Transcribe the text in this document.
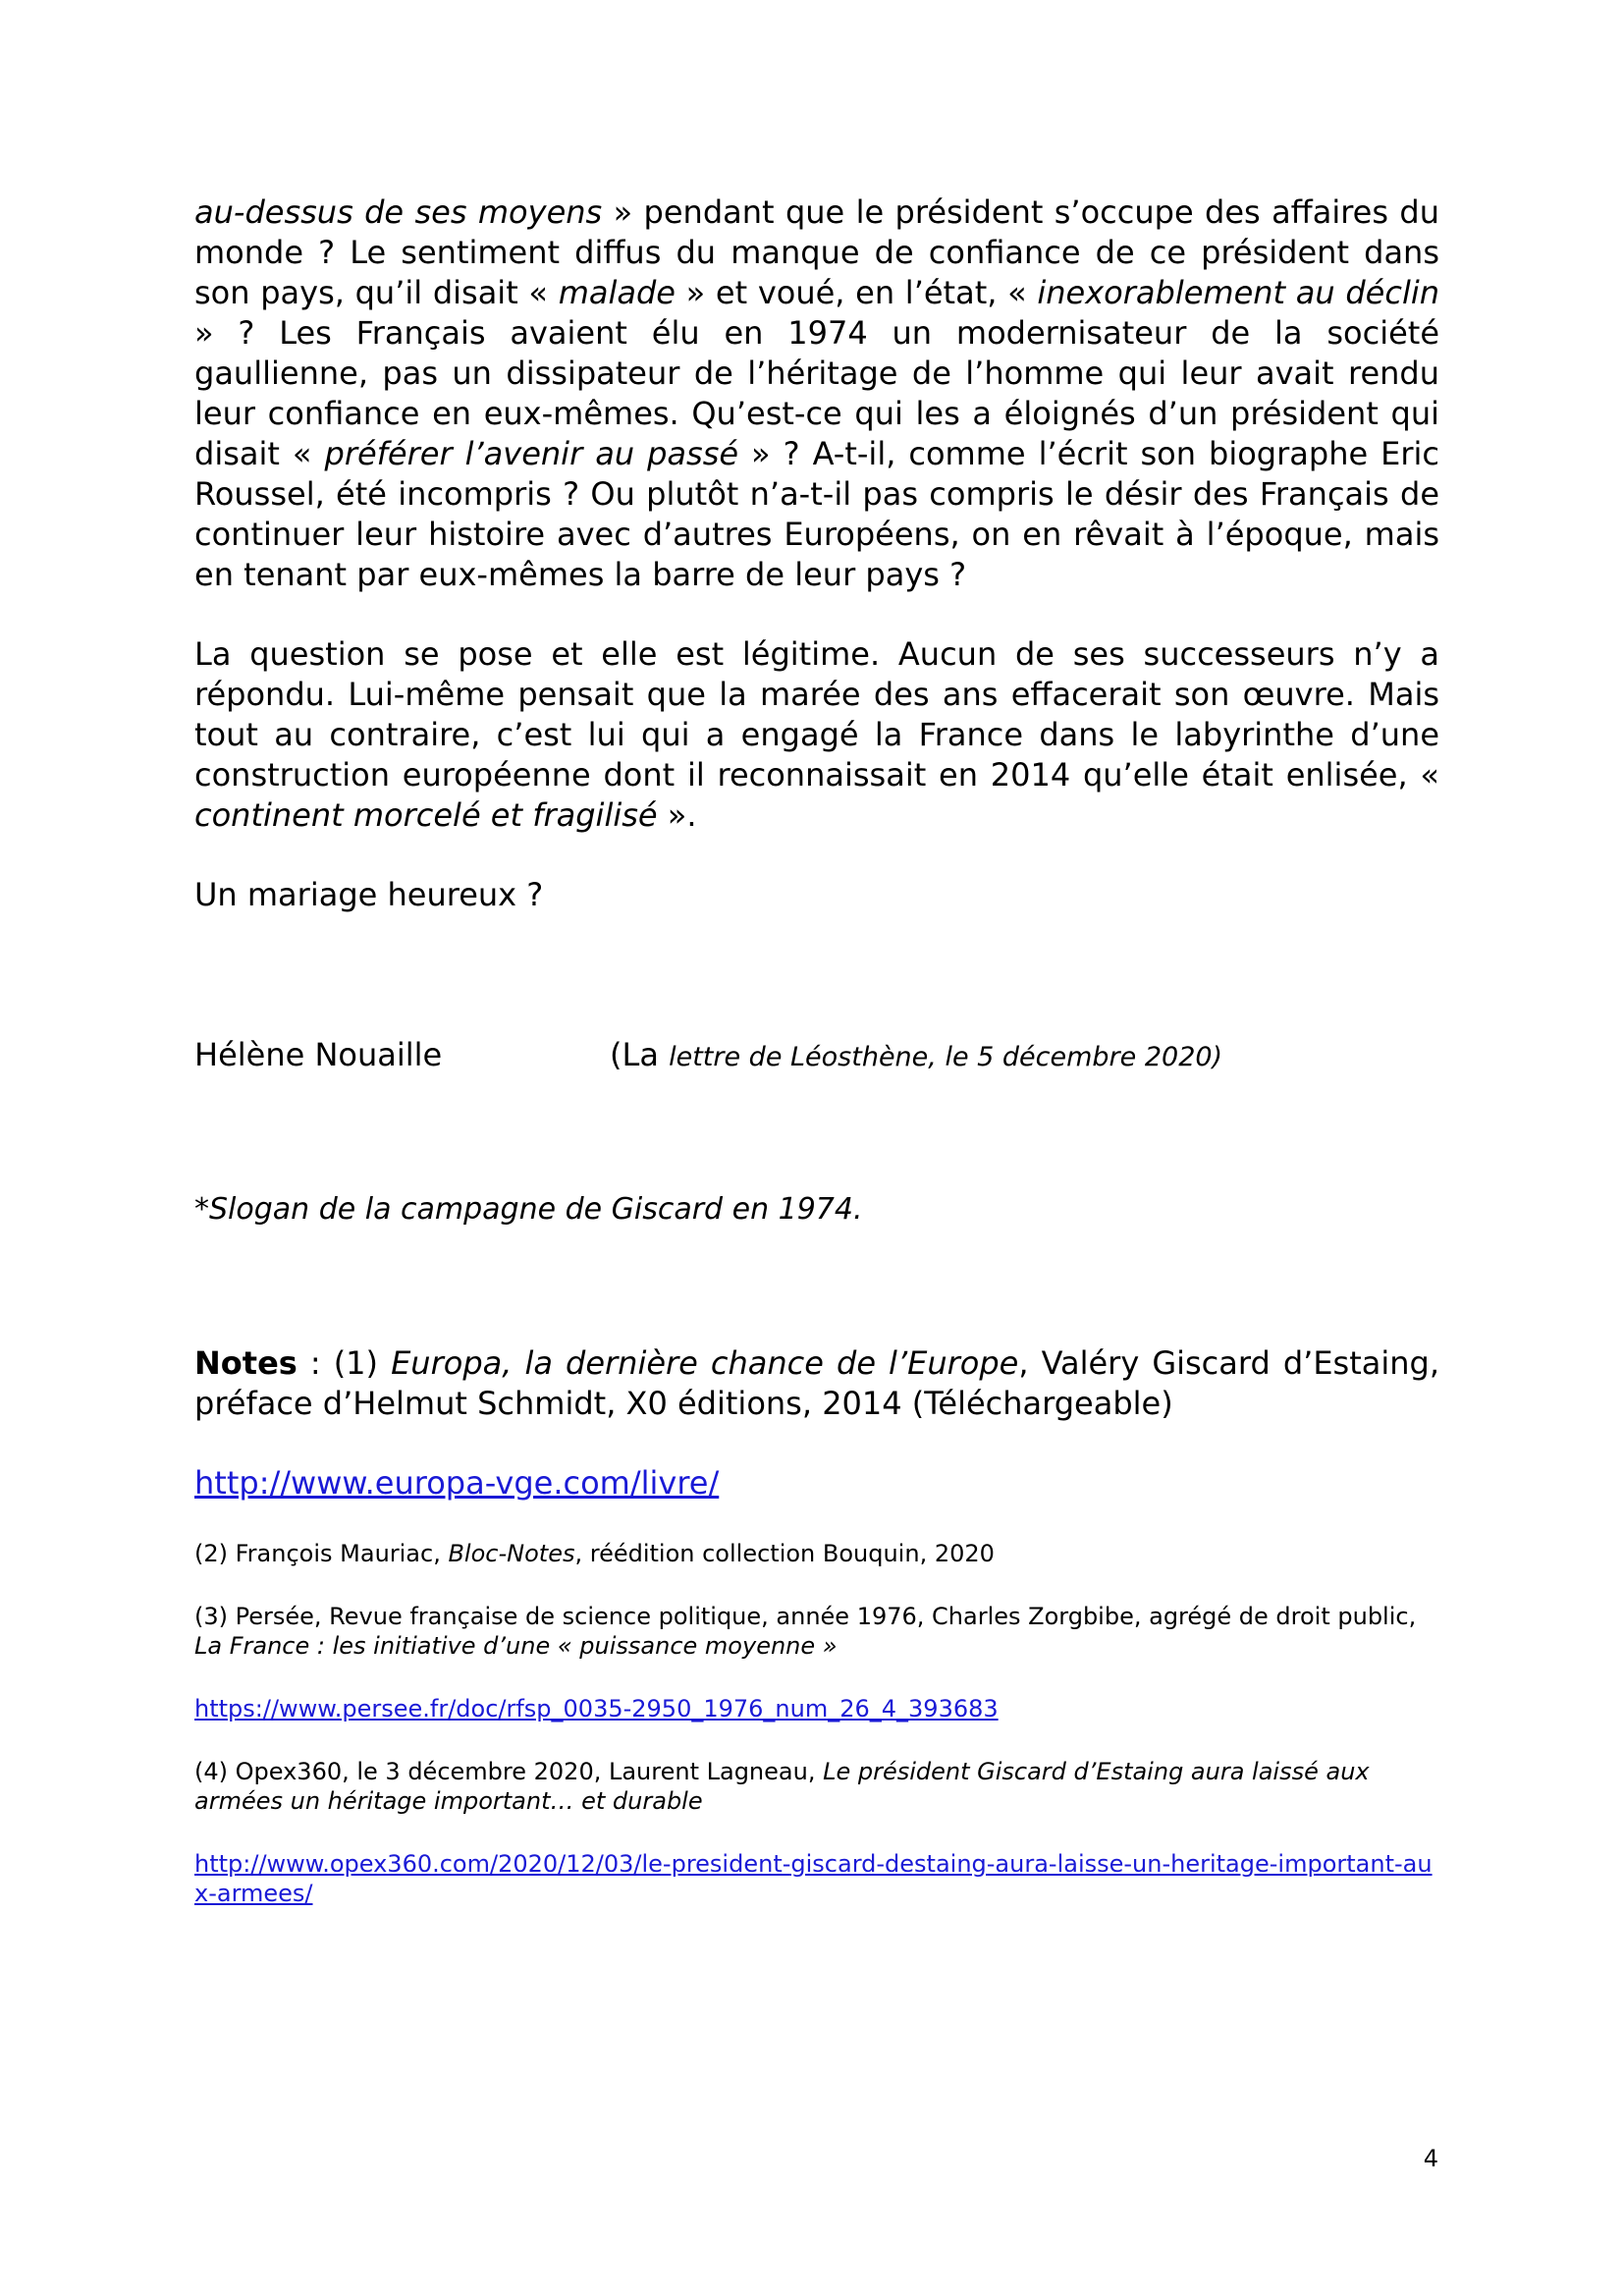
au-dessus de ses moyens » pendant que le président s’occupe des affaires du monde ? Le sentiment diffus du manque de confiance de ce président dans son pays, qu’il disait « malade » et voué, en l’état, « inexorablement au déclin » ? Les Français avaient élu en 1974 un modernisateur de la société gaullienne, pas un dissipateur de l’héritage de l’homme qui leur avait rendu leur confiance en eux-mêmes. Qu’est-ce qui les a éloignés d’un président qui disait « préférer l’avenir au passé » ? A-t-il, comme l’écrit son biographe Eric Roussel, été incompris ? Ou plutôt n’a-t-il pas compris le désir des Français de continuer leur histoire avec d’autres Européens, on en rêvait à l’époque, mais en tenant par eux-mêmes la barre de leur pays ?

La question se pose et elle est légitime. Aucun de ses successeurs n’y a répondu. Lui-même pensait que la marée des ans effacerait son œuvre. Mais tout au contraire, c’est lui qui a engagé la France dans le labyrinthe d’une construction européenne dont il reconnaissait en 2014 qu’elle était enlisée, « continent morcelé et fragilisé ».

Un mariage heureux ?

Hélène Nouaille	(La lettre de Léosthène, le 5 décembre 2020)

*Slogan de la campagne de Giscard en 1974.

Notes : (1) Europa, la dernière chance de l’Europe, Valéry Giscard d’Estaing, préface d’Helmut Schmidt, X0 éditions, 2014 (Téléchargeable)

http://www.europa-vge.com/livre/

(2) François Mauriac, Bloc-Notes, réédition collection Bouquin, 2020

(3) Persée, Revue française de science politique, année 1976, Charles Zorgbibe, agrégé de droit public, La France : les initiative d’une « puissance moyenne »

https://www.persee.fr/doc/rfsp_0035-2950_1976_num_26_4_393683

(4) Opex360, le 3 décembre 2020, Laurent Lagneau, Le président Giscard d’Estaing aura laissé aux armées un héritage important… et durable

http://www.opex360.com/2020/12/03/le-president-giscard-destaing-aura-laisse-un-heritage-important-aux-armees/

4
